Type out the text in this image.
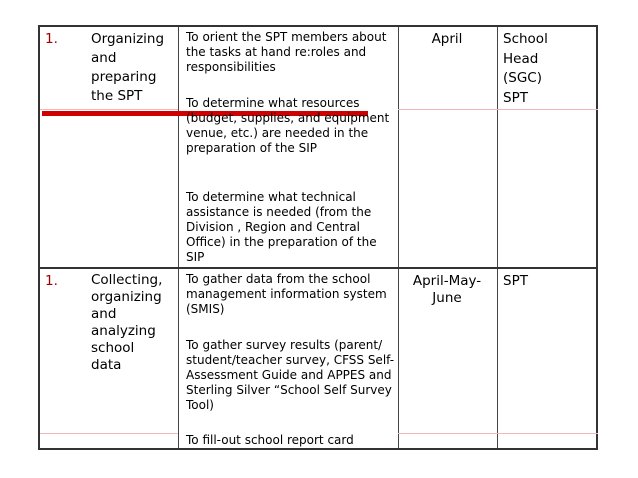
1. Organizing
and
preparing
the SPT
To orient the SPT members about the tasks at hand re:roles and responsibilities
To determine what resources (budget, supplies, and equipment venue, etc.) are needed in the preparation of the SIP
To determine what technical assistance is needed (from the Division , Region and Central Office) in the preparation of the SIP
April	School Head
(SGC)
SPT
1. Collecting,
organizing
and
analyzing
school
data
To gather data from the school management information system (SMIS)
To gather survey results (parent/ student/teacher survey, CFSS Self-Assessment Guide and APPES and Sterling Silver “School Self Survey Tool)
To fill-out school report card
April-May-
June
SPT
